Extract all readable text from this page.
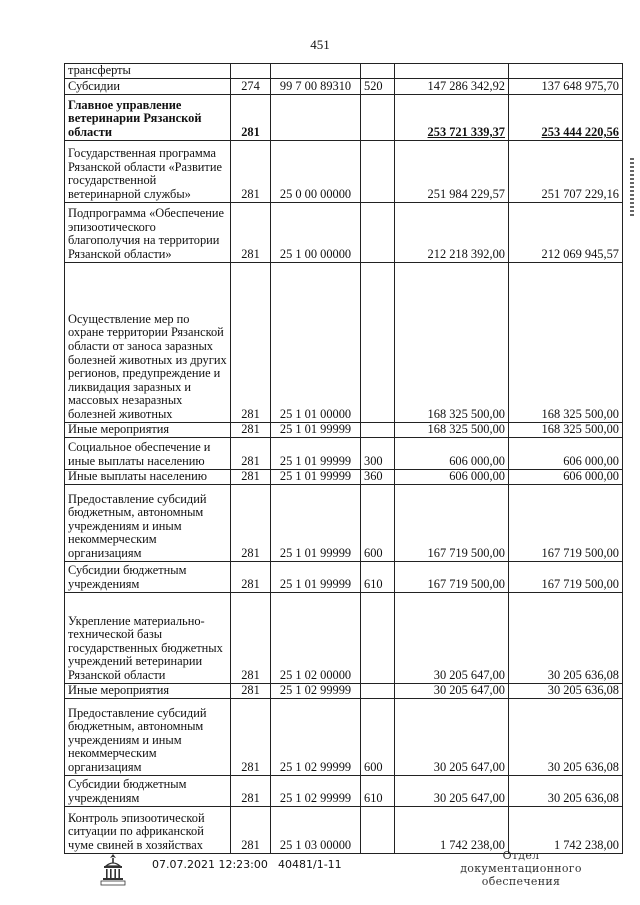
451
трансферты					
Субсидии	274	99 7 00 89310	520	147 286 342,92	137 648 975,70
Главное управление ветеринарии Рязанской области	281			253 721 339,37	253 444 220,56
Государственная программа Рязанской области «Развитие государственной ветеринарной службы»	281	25 0 00 00000		251 984 229,57	251 707 229,16
Подпрограмма «Обеспечение эпизоотического благополучия на территории Рязанской области»	281	25 1 00 00000		212 218 392,00	212 069 945,57
Осуществление мер по охране территории Рязанской области от заноса заразных болезней животных из других регионов, предупреждение и ликвидация заразных и массовых незаразных болезней животных	281	25 1 01 00000		168 325 500,00	168 325 500,00
Иные мероприятия	281	25 1 01 99999		168 325 500,00	168 325 500,00
Социальное обеспечение и иные выплаты населению	281	25 1 01 99999	300	606 000,00	606 000,00
Иные выплаты населению	281	25 1 01 99999	360	606 000,00	606 000,00
Предоставление субсидий бюджетным, автономным учреждениям и иным некоммерческим организациям	281	25 1 01 99999	600	167 719 500,00	167 719 500,00
Субсидии бюджетным учреждениям	281	25 1 01 99999	610	167 719 500,00	167 719 500,00
Укрепление материально-технической базы государственных бюджетных учреждений ветеринарии Рязанской области	281	25 1 02 00000		30 205 647,00	30 205 636,08
Иные мероприятия	281	25 1 02 99999		30 205 647,00	30 205 636,08
Предоставление субсидий бюджетным, автономным учреждениям и иным некоммерческим организациям	281	25 1 02 99999	600	30 205 647,00	30 205 636,08
Субсидии бюджетным учреждениям	281	25 1 02 99999	610	30 205 647,00	30 205 636,08
Контроль эпизоотической ситуации по африканской чуме свиней в хозяйствах	281	25 1 03 00000		1 742 238,00	1 742 238,00
07.07.2021 12:23:00 40481/1-11
Отдел документационного обеспечения
